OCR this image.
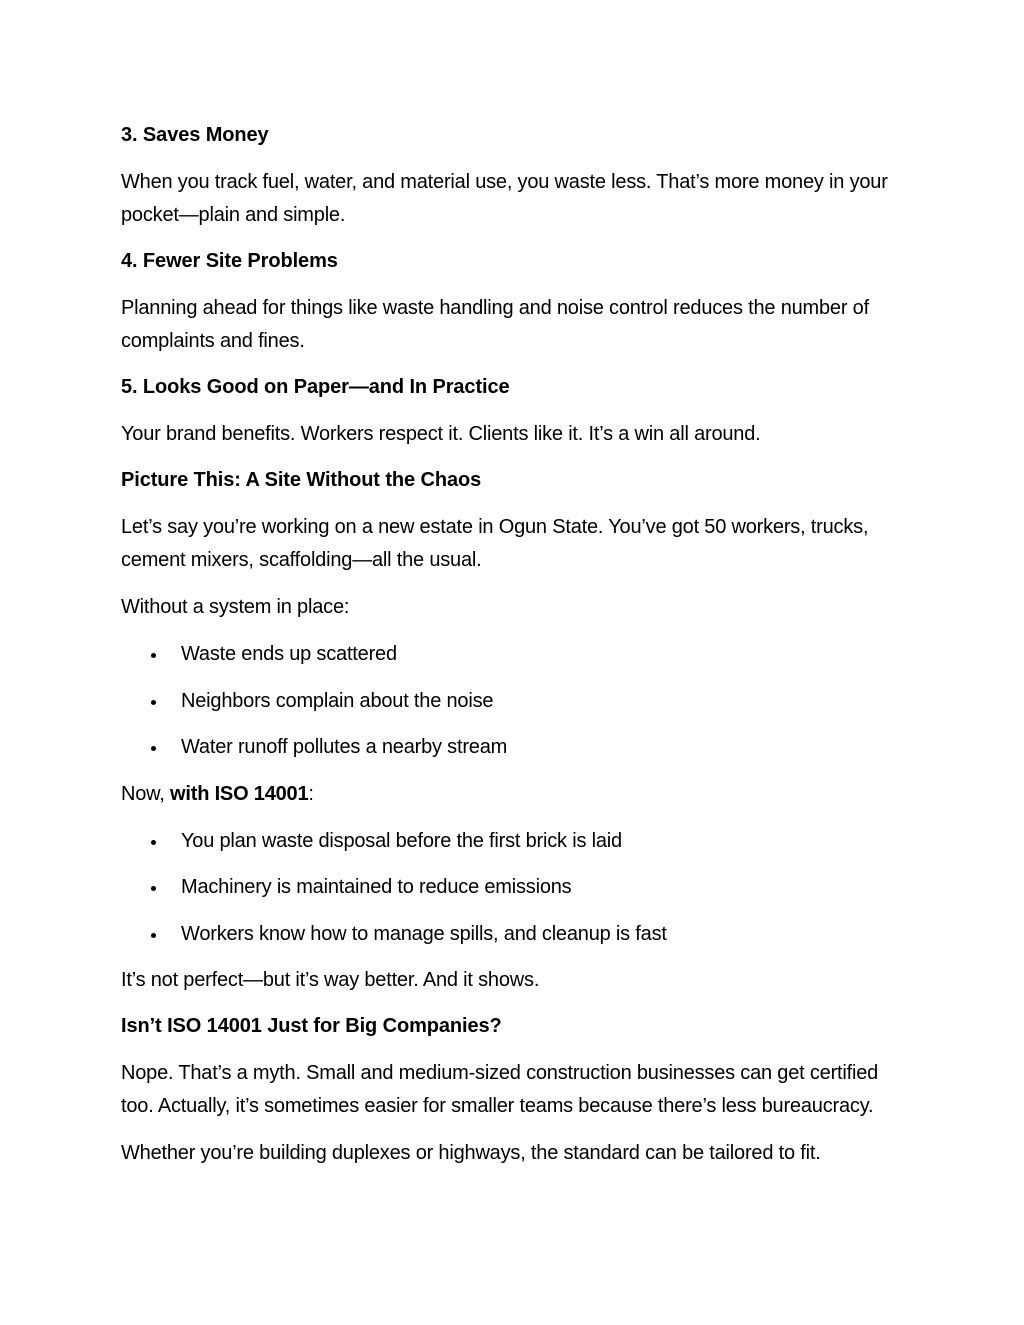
3. Saves Money
When you track fuel, water, and material use, you waste less. That’s more money in your pocket—plain and simple.
4. Fewer Site Problems
Planning ahead for things like waste handling and noise control reduces the number of complaints and fines.
5. Looks Good on Paper—and In Practice
Your brand benefits. Workers respect it. Clients like it. It’s a win all around.
Picture This: A Site Without the Chaos
Let’s say you’re working on a new estate in Ogun State. You’ve got 50 workers, trucks, cement mixers, scaffolding—all the usual.
Without a system in place:
Waste ends up scattered
Neighbors complain about the noise
Water runoff pollutes a nearby stream
Now, with ISO 14001:
You plan waste disposal before the first brick is laid
Machinery is maintained to reduce emissions
Workers know how to manage spills, and cleanup is fast
It’s not perfect—but it’s way better. And it shows.
Isn’t ISO 14001 Just for Big Companies?
Nope. That’s a myth. Small and medium-sized construction businesses can get certified too. Actually, it’s sometimes easier for smaller teams because there’s less bureaucracy.
Whether you’re building duplexes or highways, the standard can be tailored to fit.
